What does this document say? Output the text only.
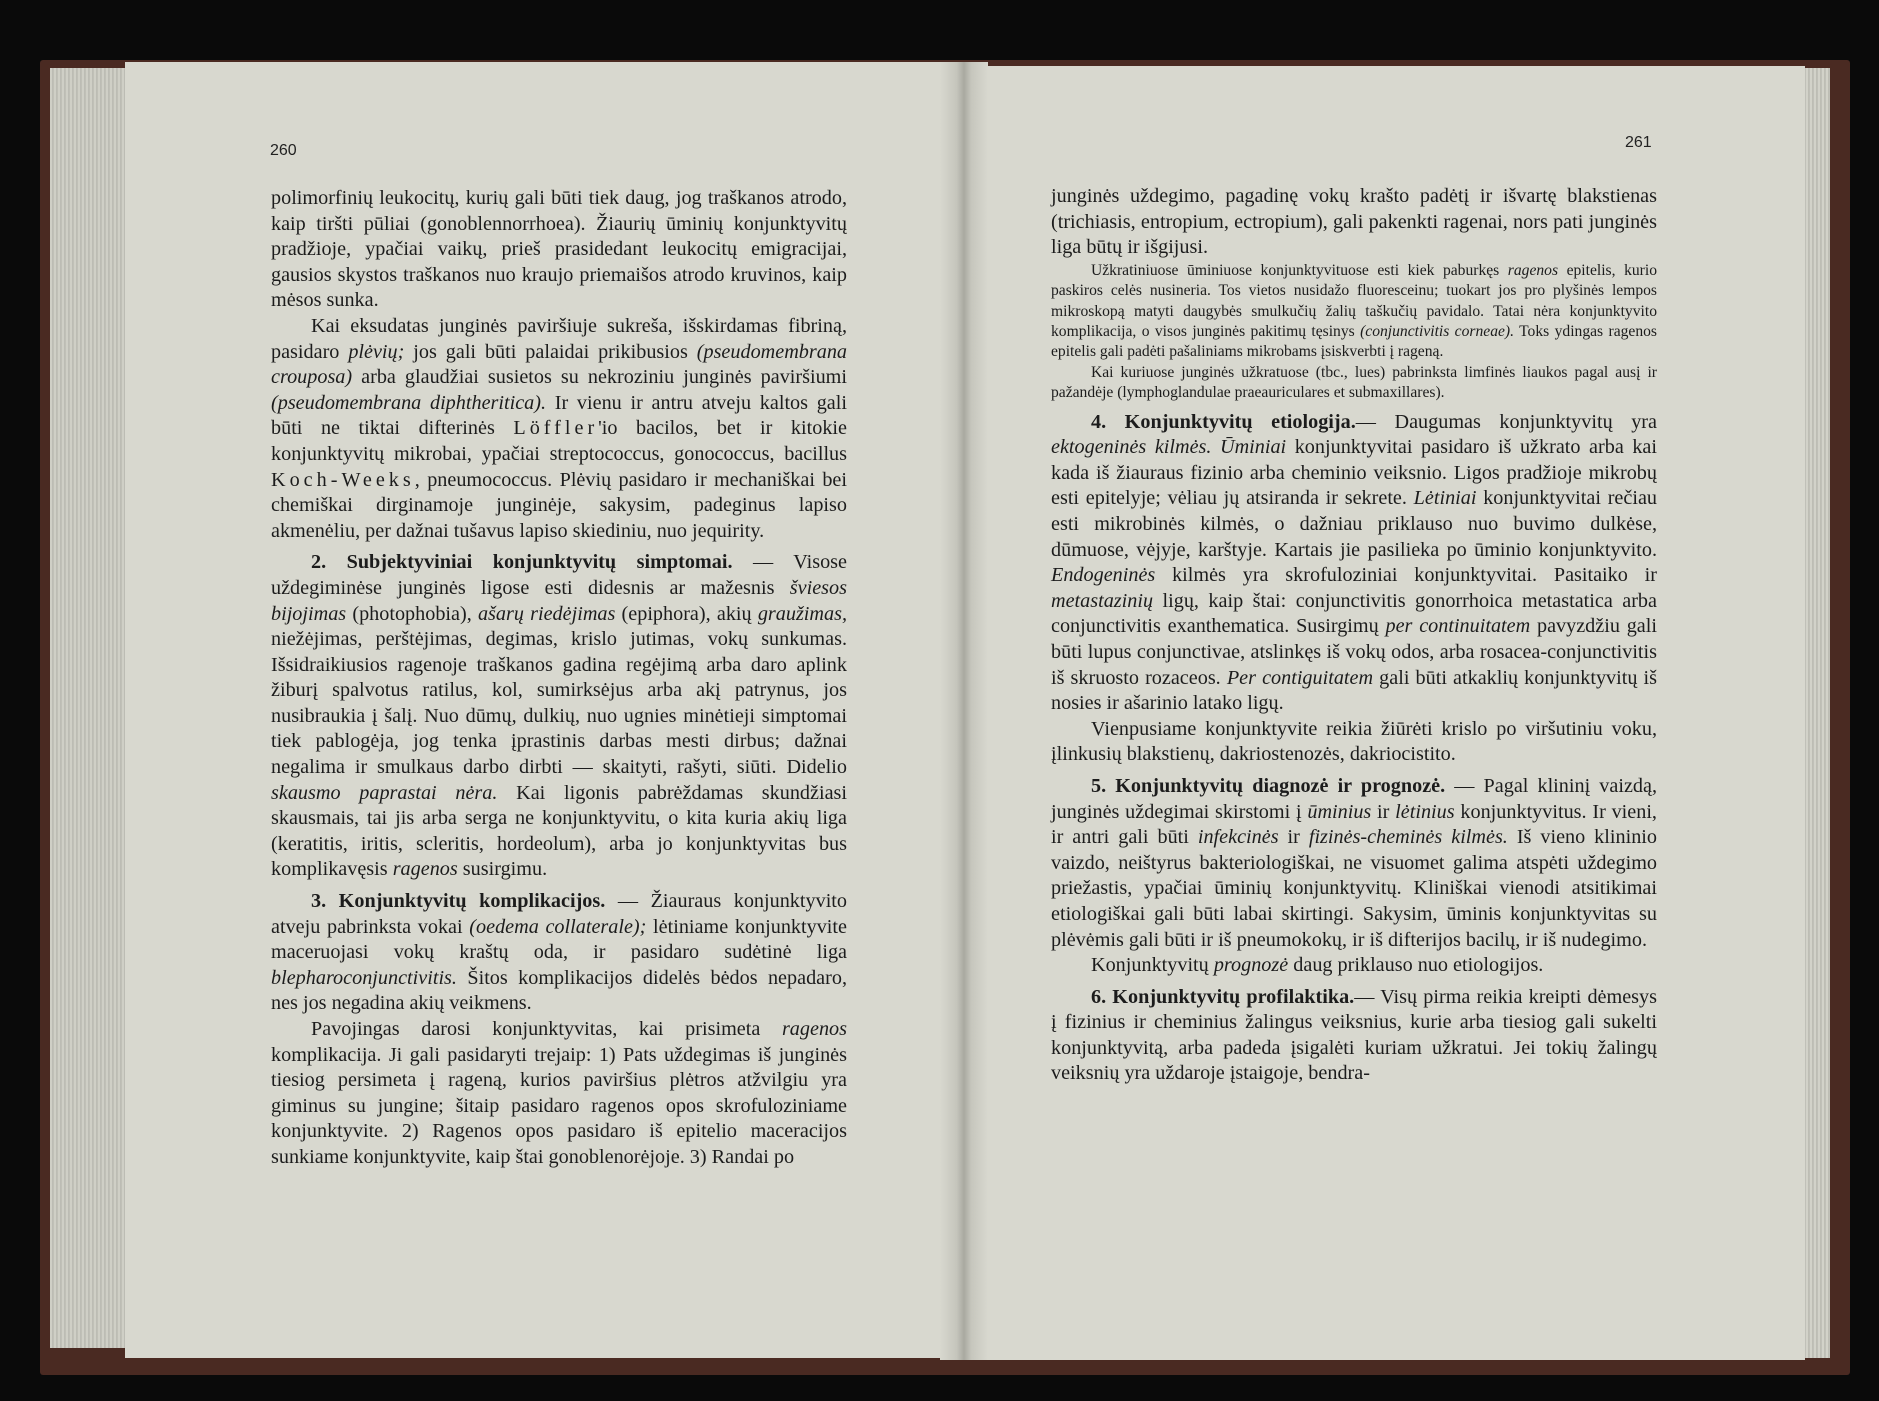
260

polimorfinių leukocitų, kurių gali būti tiek daug, jog traškanos atrodo, kaip tiršti pūliai (gonoblennorrhoea). Žiaurių ūminių konjunktyvitų pradžioje, ypačiai vaikų, prieš prasidedant leukocitų emigracijai, gausios skystos traškanos nuo kraujo priemaišos atrodo kruvinos, kaip mėsos sunka.

Kai eksudatas junginės paviršiuje sukreša, išskirdamas fibriną, pasidaro plėvių; jos gali būti palaidai prikibusios (pseudomembrana crouposa) arba glaudžiai susietos su nekroziniu junginės paviršiumi (pseudomembrana diphtheritica). Ir vienu ir antru atveju kaltos gali būti ne tiktai difterinės Löffler'io bacilos, bet ir kitokie konjunktyvitų mikrobai, ypačiai streptococcus, gonococcus, bacillus Koch-Weeks, pneumococcus. Plėvių pasidaro ir mechaniškai bei chemiškai dirginamoje junginėje, sakysim, padeginus lapiso akmenėliu, per dažnai tušavus lapiso skiediniu, nuo jequirity.

2. Subjektyviniai konjunktyvitų simptomai. — Visose uždegiminėse junginės ligose esti didesnis ar mažesnis šviesos bijojimas (photophobia), ašarų riedėjimas (epiphora), akių graužimas, niežėjimas, perštėjimas, degimas, krislo jutimas, vokų sunkumas. Išsidraikiusios ragenoje traškanos gadina regėjimą arba daro aplink žiburį spalvotus ratilus, kol, sumirksėjus arba akį patrynus, jos nusibraukia į šalį. Nuo dūmų, dulkių, nuo ugnies minėtieji simptomai tiek pablogėja, jog tenka įprastinis darbas mesti dirbus; dažnai negalima ir smulkaus darbo dirbti — skaityti, rašyti, siūti. Didelio skausmo paprastai nėra. Kai ligonis pabrėždamas skundžiasi skausmais, tai jis arba serga ne konjunktyvitu, o kita kuria akių liga (keratitis, iritis, scleritis, hordeolum), arba jo konjunktyvitas bus komplikavęsis ragenos susirgimu.

3. Konjunktyvitų komplikacijos. — Žiauraus konjunktyvito atveju pabrinksta vokai (oedema collaterale); lėtiniame konjunktyvite maceruojasi vokų kraštų oda, ir pasidaro sudėtinė liga blepharoconjunctivitis. Šitos komplikacijos didelės bėdos nepadaro, nes jos negadina akių veikmens.

Pavojingas darosi konjunktyvitas, kai prisimeta ragenos komplikacija. Ji gali pasidaryti trejaip: 1) Pats uždegimas iš junginės tiesiog persimeta į rageną, kurios paviršius plėtros atžvilgiu yra giminus su jungine; šitaip pasidaro ragenos opos skrofuloziniame konjunktyvite. 2) Ragenos opos pasidaro iš epitelio maceracijos sunkiame konjunktyvite, kaip štai gonoblenorėjoje. 3) Randai po

261

junginės uždegimo, pagadinę vokų krašto padėtį ir išvartę blakstienas (trichiasis, entropium, ectropium), gali pakenkti ragenai, nors pati junginės liga būtų ir išgijusi.

Užkratiniuose ūminiuose konjunktyvituose esti kiek paburkęs ragenos epitelis, kurio paskiros celės nusineria. Tos vietos nusidažo fluoresceinu; tuokart jos pro plyšinės lempos mikroskopą matyti daugybės smulkučių žalių taškučių pavidalo. Tatai nėra konjunktyvito komplikacija, o visos junginės pakitimų tęsinys (conjunctivitis corneae). Toks ydingas ragenos epitelis gali padėti pašaliniams mikrobams įsiskverbti į rageną.

Kai kuriuose junginės užkratuose (tbc., lues) pabrinksta limfinės liaukos pagal ausį ir pažandėje (lymphoglandulae praeauriculares et submaxillares).

4. Konjunktyvitų etiologija.— Daugumas konjunktyvitų yra ektogeninės kilmės. Ūminiai konjunktyvitai pasidaro iš užkrato arba kai kada iš žiauraus fizinio arba cheminio veiksnio. Ligos pradžioje mikrobų esti epitelyje; vėliau jų atsiranda ir sekrete. Lėtiniai konjunktyvitai rečiau esti mikrobinės kilmės, o dažniau priklauso nuo buvimo dulkėse, dūmuose, vėjyje, karštyje. Kartais jie pasilieka po ūminio konjunktyvito. Endogeninės kilmės yra skrofuloziniai konjunktyvitai. Pasitaiko ir metastazinių ligų, kaip štai: conjunctivitis gonorrhoica metastatica arba conjunctivitis exanthematica. Susirgimų per continuitatem pavyzdžiu gali būti lupus conjunctivae, atslinkęs iš vokų odos, arba rosacea-conjunctivitis iš skruosto rozaceos. Per contiguitatem gali būti atkaklių konjunktyvitų iš nosies ir ašarinio latako ligų.

Vienpusiame konjunktyvite reikia žiūrėti krislo po viršutiniu voku, įlinkusių blakstienų, dakriostenozės, dakriocistito.

5. Konjunktyvitų diagnozė ir prognozė. — Pagal klininį vaizdą, junginės uždegimai skirstomi į ūminius ir lėtinius konjunktyvitus. Ir vieni, ir antri gali būti infekcinės ir fizinės-cheminės kilmės. Iš vieno klininio vaizdo, neištyrus bakteriologiškai, ne visuomet galima atspėti uždegimo priežastis, ypačiai ūminių konjunktyvitų. Kliniškai vienodi atsitikimai etiologiškai gali būti labai skirtingi. Sakysim, ūminis konjunktyvitas su plėvėmis gali būti ir iš pneumokokų, ir iš difterijos bacilų, ir iš nudegimo.

Konjunktyvitų prognozė daug priklauso nuo etiologijos.

6. Konjunktyvitų profilaktika.— Visų pirma reikia kreipti dėmesys į fizinius ir cheminius žalingus veiksnius, kurie arba tiesiog gali sukelti konjunktyvitą, arba padeda įsigalėti kuriam užkratui. Jei tokių žalingų veiksnių yra uždaroje įstaigoje, bendra-
